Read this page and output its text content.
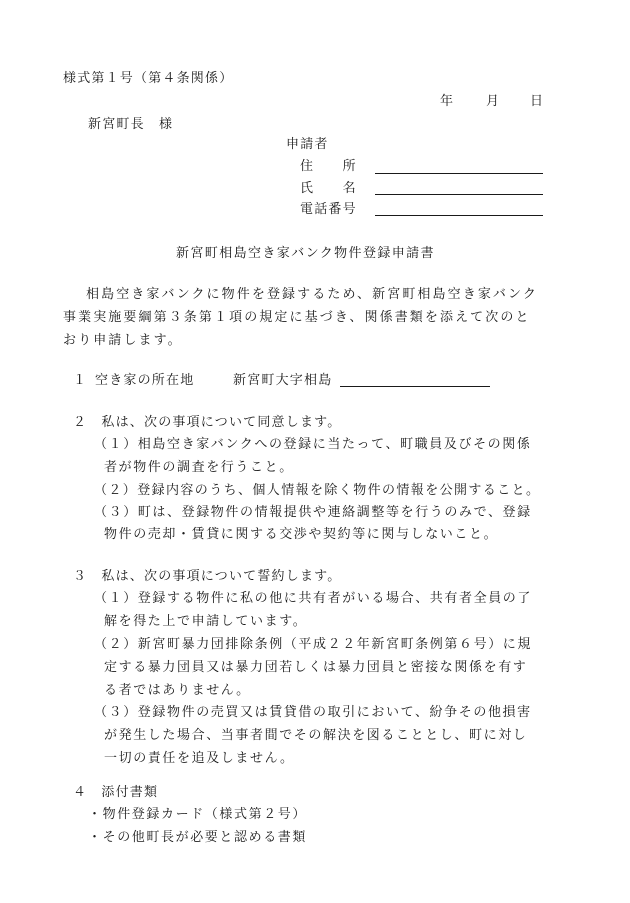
様式第１号（第４条関係）
年 月 日
新宮町長　様
申請者
住　　所
氏　　名
電話番号
新宮町相島空き家バンク物件登録申請書
相島空き家バンクに物件を登録するため、新宮町相島空き家バンク
事業実施要綱第３条第１項の規定に基づき、関係書類を添えて次のと
おり申請します。
１ 空き家の所在地	新宮町大字相島
２　私は、次の事項について同意します。
（１）相島空き家バンクへの登録に当たって、町職員及びその関係
者が物件の調査を行うこと。
（２）登録内容のうち、個人情報を除く物件の情報を公開すること。
（３）町は、登録物件の情報提供や連絡調整等を行うのみで、登録
物件の売却・賃貸に関する交渉や契約等に関与しないこと。
３　私は、次の事項について誓約します。
（１）登録する物件に私の他に共有者がいる場合、共有者全員の了
解を得た上で申請しています。
（２）新宮町暴力団排除条例（平成２２年新宮町条例第６号）に規
定する暴力団員又は暴力団若しくは暴力団員と密接な関係を有す
る者ではありません。
（３）登録物件の売買又は賃貸借の取引において、紛争その他損害
が発生した場合、当事者間でその解決を図ることとし、町に対し
一切の責任を追及しません。
４　添付書類
・物件登録カード（様式第２号）
・その他町長が必要と認める書類
